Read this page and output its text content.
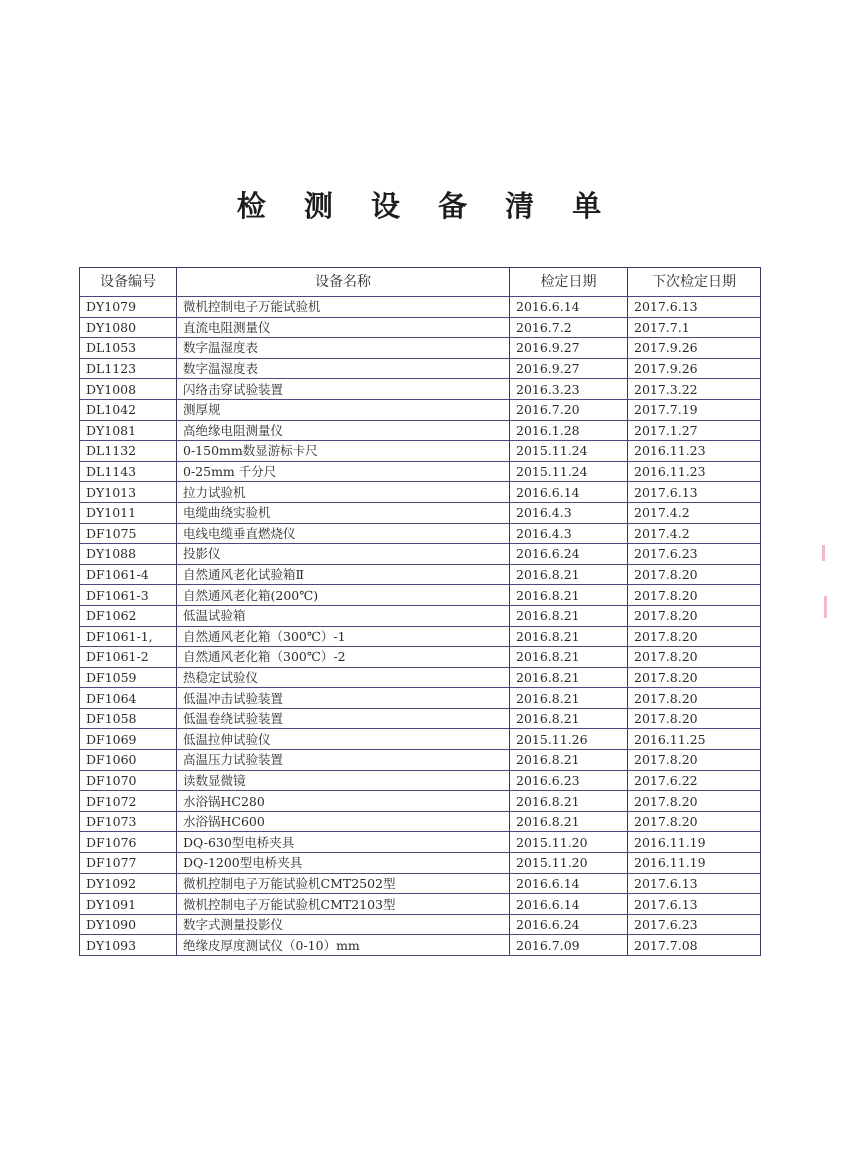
检 测 设 备 清 单
设备编号	设备名称	检定日期	下次检定日期
DY1079	微机控制电子万能试验机	2016.6.14	2017.6.13
DY1080	直流电阻测量仪	2016.7.2	2017.7.1
DL1053	数字温湿度表	2016.9.27	2017.9.26
DL1123	数字温湿度表	2016.9.27	2017.9.26
DY1008	闪络击穿试验装置	2016.3.23	2017.3.22
DL1042	测厚规	2016.7.20	2017.7.19
DY1081	高绝缘电阻测量仪	2016.1.28	2017.1.27
DL1132	0-150mm数显游标卡尺	2015.11.24	2016.11.23
DL1143	0-25mm 千分尺	2015.11.24	2016.11.23
DY1013	拉力试验机	2016.6.14	2017.6.13
DY1011	电缆曲绕实验机	2016.4.3	2017.4.2
DF1075	电线电缆垂直燃烧仪	2016.4.3	2017.4.2
DY1088	投影仪	2016.6.24	2017.6.23
DF1061-4	自然通风老化试验箱Ⅱ	2016.8.21	2017.8.20
DF1061-3	自然通风老化箱(200℃)	2016.8.21	2017.8.20
DF1062	低温试验箱	2016.8.21	2017.8.20
DF1061-1,	自然通风老化箱（300℃）-1	2016.8.21	2017.8.20
DF1061-2	自然通风老化箱（300℃）-2	2016.8.21	2017.8.20
DF1059	热稳定试验仪	2016.8.21	2017.8.20
DF1064	低温冲击试验装置	2016.8.21	2017.8.20
DF1058	低温卷绕试验装置	2016.8.21	2017.8.20
DF1069	低温拉伸试验仪	2015.11.26	2016.11.25
DF1060	高温压力试验装置	2016.8.21	2017.8.20
DF1070	读数显微镜	2016.6.23	2017.6.22
DF1072	水浴锅HC280	2016.8.21	2017.8.20
DF1073	水浴锅HC600	2016.8.21	2017.8.20
DF1076	DQ-630型电桥夹具	2015.11.20	2016.11.19
DF1077	DQ-1200型电桥夹具	2015.11.20	2016.11.19
DY1092	微机控制电子万能试验机CMT2502型	2016.6.14	2017.6.13
DY1091	微机控制电子万能试验机CMT2103型	2016.6.14	2017.6.13
DY1090	数字式测量投影仪	2016.6.24	2017.6.23
DY1093	绝缘皮厚度测试仪（0-10）mm	2016.7.09	2017.7.08
